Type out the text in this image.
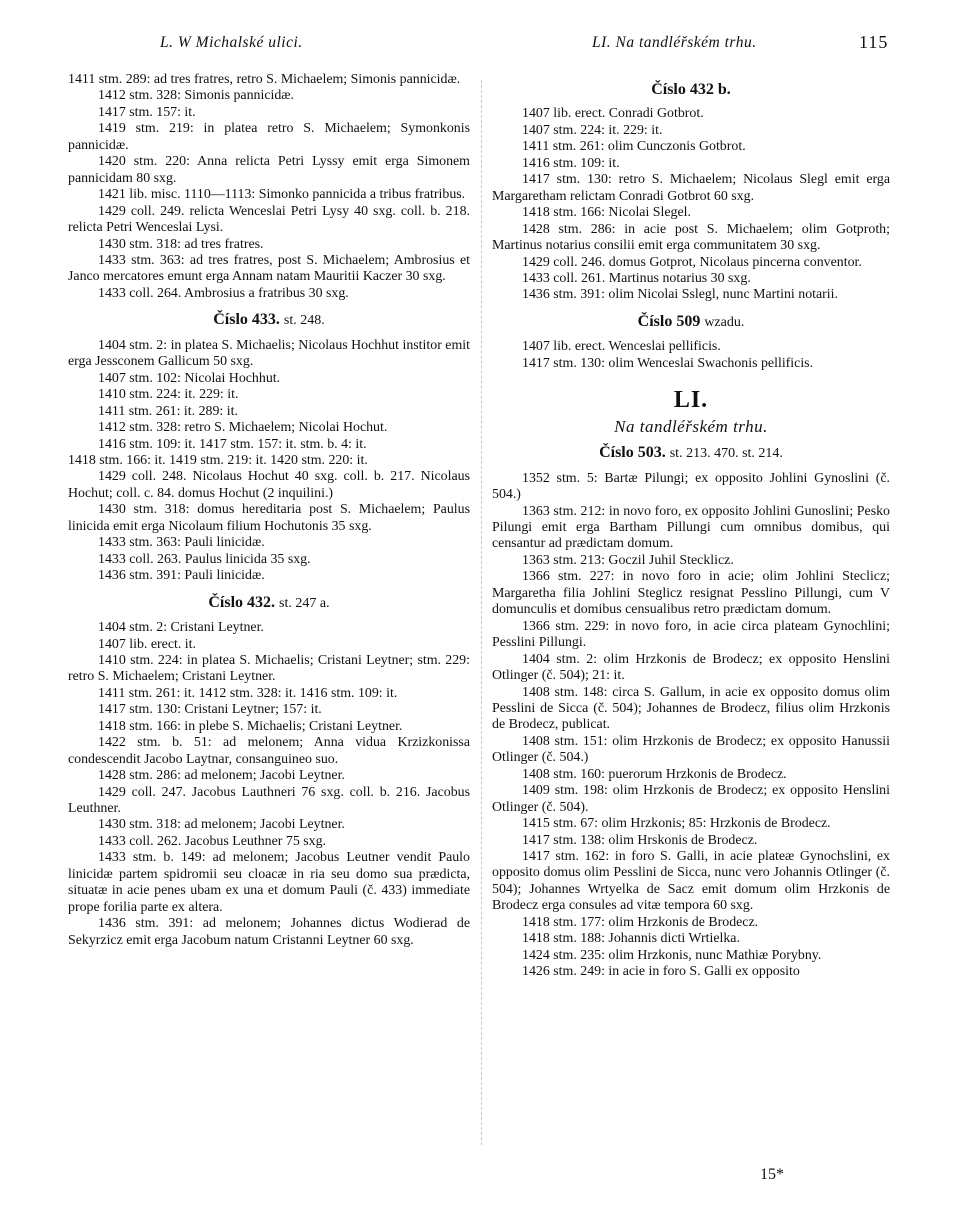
L. W Michalské ulici.	LI. Na tandléřském trhu.	115

1411 stm. 289: ad tres fratres, retro S. Michaelem; Simonis pannicidæ.

1412 stm. 328: Simonis pannicidæ.

1417 stm. 157: it.

1419 stm. 219: in platea retro S. Michaelem; Symonkonis pannicidæ.

1420 stm. 220: Anna relicta Petri Lyssy emit erga Simonem pannicidam 80 sxg.

1421 lib. misc. 1110—1113: Simonko pannicida a tribus fratribus.

1429 coll. 249. relicta Wenceslai Petri Lysy 40 sxg. coll. b. 218. relicta Petri Wenceslai Lysi.

1430 stm. 318: ad tres fratres.

1433 stm. 363: ad tres fratres, post S. Michaelem; Ambrosius et Janco mercatores emunt erga Annam natam Mauritii Kaczer 30 sxg.

1433 coll. 264. Ambrosius a fratribus 30 sxg.

Číslo 433. st. 248.

1404 stm. 2: in platea S. Michaelis; Nicolaus Hochhut institor emit erga Jessconem Gallicum 50 sxg.

1407 stm. 102: Nicolai Hochhut.

1410 stm. 224: it. 229: it.

1411 stm. 261: it. 289: it.

1412 stm. 328: retro S. Michaelem; Nicolai Hochut.

1416 stm. 109: it. 1417 stm. 157: it. stm. b. 4: it.

1418 stm. 166: it. 1419 stm. 219: it. 1420 stm. 220: it.

1429 coll. 248. Nicolaus Hochut 40 sxg. coll. b. 217. Nicolaus Hochut; coll. c. 84. domus Hochut (2 inquilini.)

1430 stm. 318: domus hereditaria post S. Michaelem; Paulus linicida emit erga Nicolaum filium Hochutonis 35 sxg.

1433 stm. 363: Pauli linicidæ.

1433 coll. 263. Paulus linicida 35 sxg.

1436 stm. 391: Pauli linicidæ.

Číslo 432. st. 247 a.

1404 stm. 2: Cristani Leytner.

1407 lib. erect. it.

1410 stm. 224: in platea S. Michaelis; Cristani Leytner; stm. 229: retro S. Michaelem; Cristani Leytner.

1411 stm. 261: it. 1412 stm. 328: it. 1416 stm. 109: it.

1417 stm. 130: Cristani Leytner; 157: it.

1418 stm. 166: in plebe S. Michaelis; Cristani Leytner.

1422 stm. b. 51: ad melonem; Anna vidua Krzizkonissa condescendit Jacobo Laytnar, consanguineo suo.

1428 stm. 286: ad melonem; Jacobi Leytner.

1429 coll. 247. Jacobus Lauthneri 76 sxg. coll. b. 216. Jacobus Leuthner.

1430 stm. 318: ad melonem; Jacobi Leytner.

1433 coll. 262. Jacobus Leuthner 75 sxg.

1433 stm. b. 149: ad melonem; Jacobus Leutner vendit Paulo linicidæ partem spidromii seu cloacæ in ria seu domo sua prædicta, situatæ in acie penes ubam ex una et domum Pauli (č. 433) immediate prope forilia parte ex altera.

1436 stm. 391: ad melonem; Johannes dictus Wodierad de Sekyrzicz emit erga Jacobum natum Cristanni Leytner 60 sxg.

Číslo 432 b.

1407 lib. erect. Conradi Gotbrot.

1407 stm. 224: it. 229: it.

1411 stm. 261: olim Cunczonis Gotbrot.

1416 stm. 109: it.

1417 stm. 130: retro S. Michaelem; Nicolaus Slegl emit erga Margaretham relictam Conradi Gotbrot 60 sxg.

1418 stm. 166: Nicolai Slegel.

1428 stm. 286: in acie post S. Michaelem; olim Gotproth; Martinus notarius consilii emit erga communitatem 30 sxg.

1429 coll. 246. domus Gotprot, Nicolaus pincerna conventor.

1433 coll. 261. Martinus notarius 30 sxg.

1436 stm. 391: olim Nicolai Sslegl, nunc Martini notarii.

Číslo 509 wzadu.

1407 lib. erect. Wenceslai pellificis.

1417 stm. 130: olim Wenceslai Swachonis pellificis.

LI.
Na tandléřském trhu.
Číslo 503. st. 213. 470. st. 214.

1352 stm. 5: Bartæ Pilungi; ex opposito Johlini Gynoslini (č. 504.)

1363 stm. 212: in novo foro, ex opposito Johlini Gunoslini; Pesko Pilungi emit erga Bartham Pillungi cum omnibus domibus, qui censantur ad prædictam domum.

1363 stm. 213: Goczil Juhil Stecklicz.

1366 stm. 227: in novo foro in acie; olim Johlini Steclicz; Margaretha filia Johlini Steglicz resignat Pesslino Pillungi, cum V domunculis et domibus censualibus retro prædictam domum.

1366 stm. 229: in novo foro, in acie circa plateam Gynochlini; Pesslini Pillungi.

1404 stm. 2: olim Hrzkonis de Brodecz; ex opposito Henslini Otlinger (č. 504); 21: it.

1408 stm. 148: circa S. Gallum, in acie ex opposito domus olim Pesslini de Sicca (č. 504); Johannes de Brodecz, filius olim Hrzkonis de Brodecz, publicat.

1408 stm. 151: olim Hrzkonis de Brodecz; ex opposito Hanussii Otlinger (č. 504.)

1408 stm. 160: puerorum Hrzkonis de Brodecz.

1409 stm. 198: olim Hrzkonis de Brodecz; ex opposito Henslini Otlinger (č. 504).

1415 stm. 67: olim Hrzkonis; 85: Hrzkonis de Brodecz.

1417 stm. 138: olim Hrskonis de Brodecz.

1417 stm. 162: in foro S. Galli, in acie plateæ Gynochslini, ex opposito domus olim Pesslini de Sicca, nunc vero Johannis Otlinger (č. 504); Johannes Wrtyelka de Sacz emit domum olim Hrzkonis de Brodecz erga consules ad vitæ tempora 60 sxg.

1418 stm. 177: olim Hrzkonis de Brodecz.

1418 stm. 188: Johannis dicti Wrtielka.

1424 stm. 235: olim Hrzkonis, nunc Mathiæ Porybny.

1426 stm. 249: in acie in foro S. Galli ex opposito

15*
